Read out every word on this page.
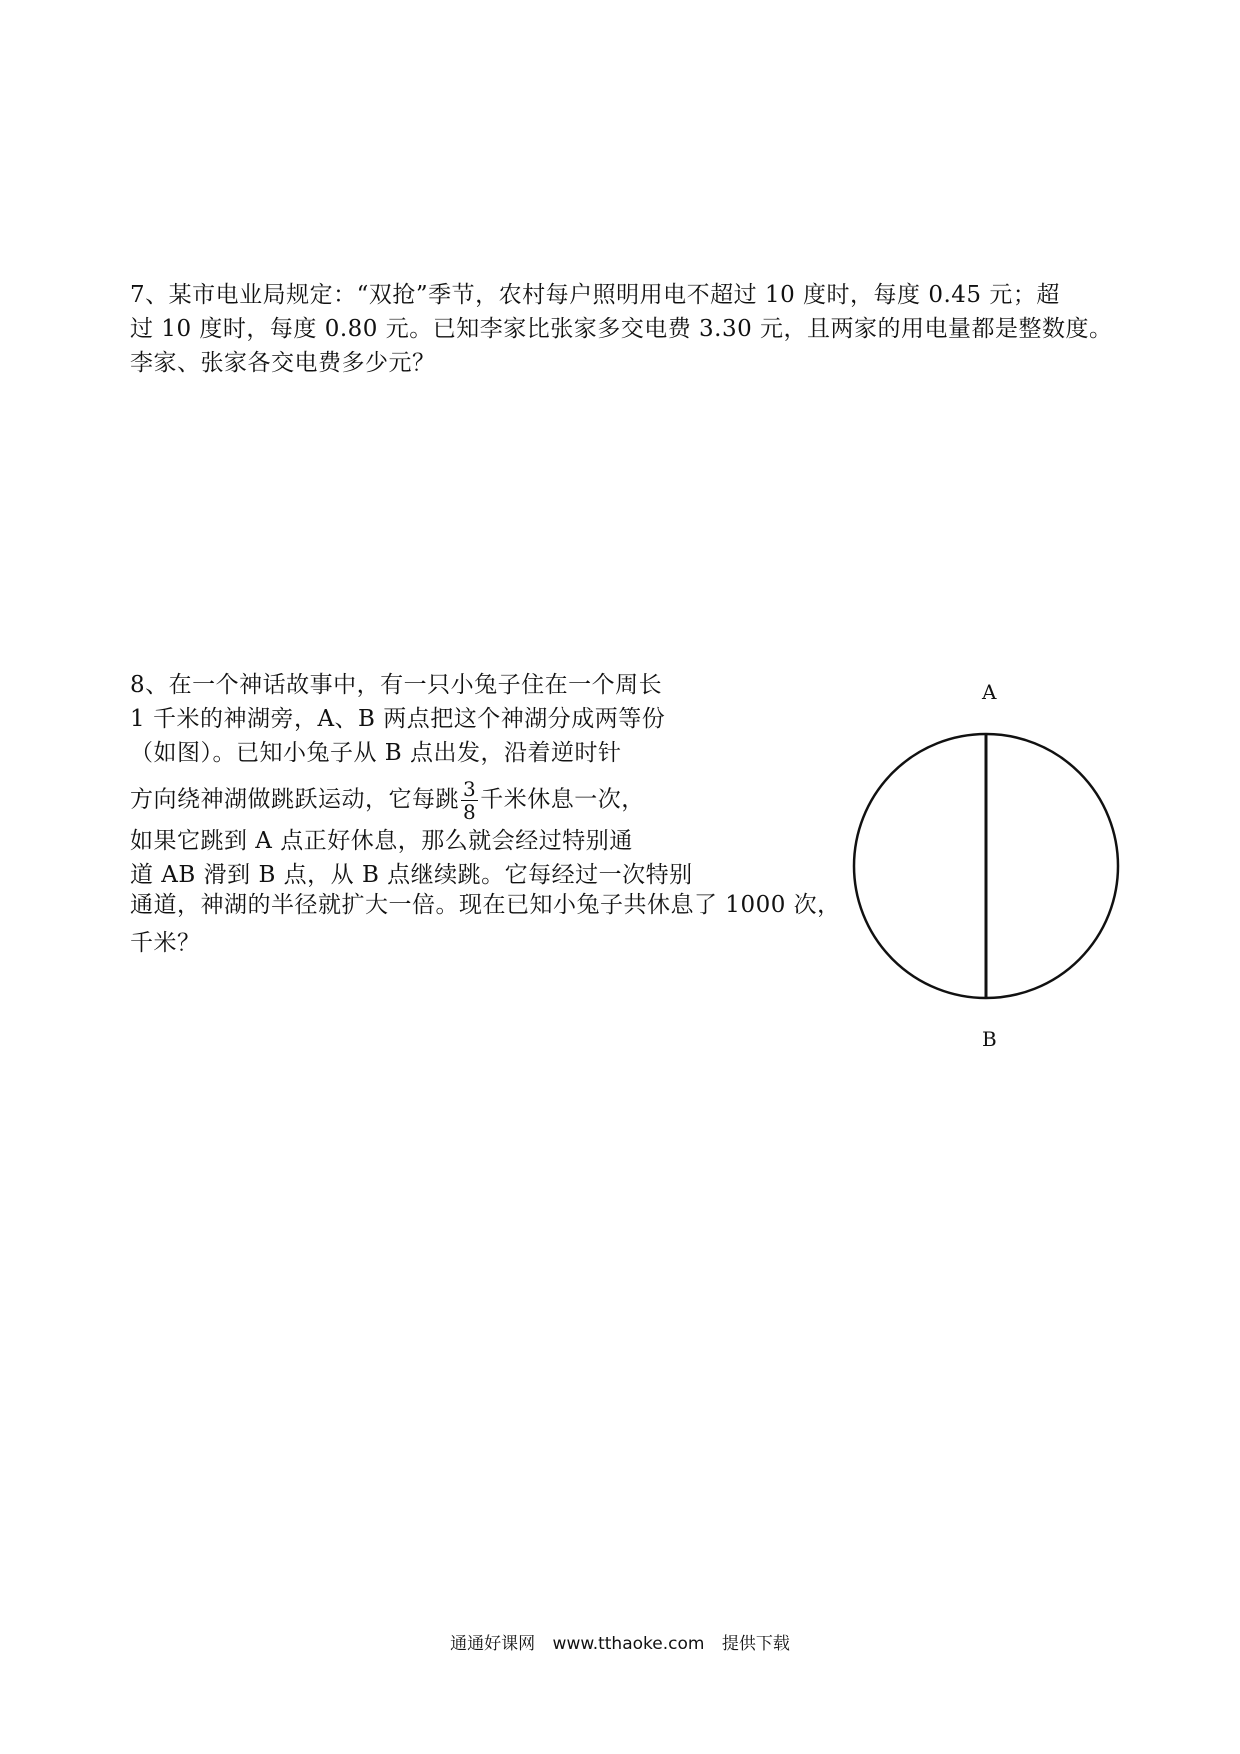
7、某市电业局规定：“双抢”季节，农村每户照明用电不超过 10 度时，每度 0.45 元；超
过 10 度时，每度 0.80 元。已知李家比张家多交电费 3.30 元，且两家的用电量都是整数度。
李家、张家各交电费多少元？
8、在一个神话故事中，有一只小兔子住在一个周长
1 千米的神湖旁，A、B 两点把这个神湖分成两等份
（如图）。已知小兔子从 B 点出发，沿着逆时针
方向绕神湖做跳跃运动，它每跳 $\frac{3}{8}$ 千米休息一次，
如果它跳到 A 点正好休息，那么就会经过特别通
道 AB 滑到 B 点，从 B 点继续跳。它每经过一次特别
通道，神湖的半径就扩大一倍。现在已知小兔子共休息了 1000 次，
千米？
A
B
通通好课网 www.tthaoke.com 提供下载
